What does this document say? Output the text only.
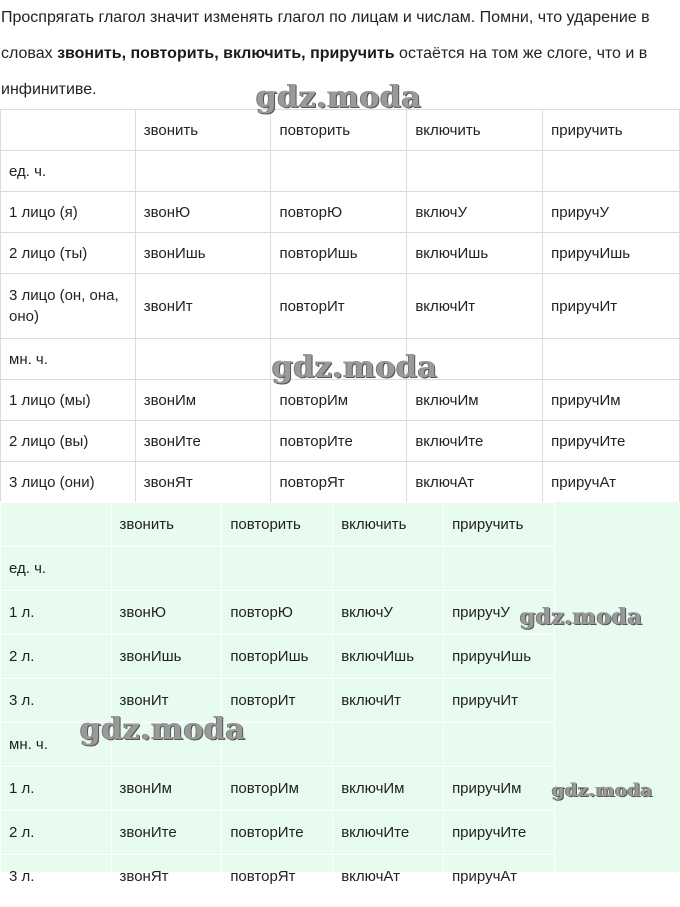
Проспрягать глагол значит изменять глагол по лицам и числам. Помни, что ударение в словах звонить, повторить, включить, приручить остаётся на том же слоге, что и в инфинитиве.
	звонить	повторить	включить	приручить
ед. ч.				
1 лицо (я)	звонЮ	повторЮ	включУ	приручУ
2 лицо (ты)	звонИшь	повторИшь	включИшь	приручИшь
3 лицо (он, она, оно)	звонИт	повторИт	включИт	приручИт
мн. ч.				
1 лицо (мы)	звонИм	повторИм	включИм	приручИм
2 лицо (вы)	звонИте	повторИте	включИте	приручИте
3 лицо (они)	звонЯт	повторЯт	включАт	приручАт
	звонить	повторить	включить	приручить
ед. ч.				
1 л.	звонЮ	повторЮ	включУ	приручУ
2 л.	звонИшь	повторИшь	включИшь	приручИшь
3 л.	звонИт	повторИт	включИт	приручИт
мн. ч.				
1 л.	звонИм	повторИм	включИм	приручИм
2 л.	звонИте	повторИте	включИте	приручИте
3 л.	звонЯт	повторЯт	включАт	приручАт
gdz.moda
gdz.moda
gdz.moda
gdz.moda
gdz.moda
